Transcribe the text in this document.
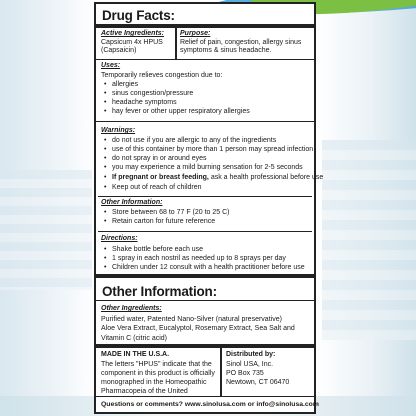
Drug Facts:
Active Ingredients:
Capsicum 4x HPUS
(Capsaicin)
Purpose:
Relief of pain, congestion, allergy sinus
symptoms & sinus headache.
Uses:
Temporarily relieves congestion due to:
• allergies
• sinus congestion/pressure
• headache symptoms
• hay fever or other upper respiratory allergies
Warnings:
• do not use if you are allergic to any of the ingredients
• use of this container by more than 1 person may spread infection
• do not spray in or around eyes
• you may experience a mild burning sensation for 2-5 seconds
• If pregnant or breast feeding, ask a health professional before use
• Keep out of reach of children
Other Information:
• Store between 68 to 77 F (20 to 25 C)
• Retain carton for future reference
Directions:
• Shake bottle before each use
• 1 spray in each nostril as needed up to 8 sprays per day
• Children under 12 consult with a health practitioner before use
Other Information:
Other Ingredients:
Purified water, Patented Nano-Silver (natural preservative)
Aloe Vera Extract, Eucalyptol, Rosemary Extract, Sea Salt and
Vitamin C (citric acid)
MADE IN THE U.S.A.
The letters "HPUS" indicate that the
component in this product is officially
monographed in the Homeopathic
Pharmacopeia of the United
Distributed by:
Sinol USA, Inc.
PO Box 735
Newtown, CT 06470
Questions or comments? www.sinolusa.com or info@sinolusa.com
